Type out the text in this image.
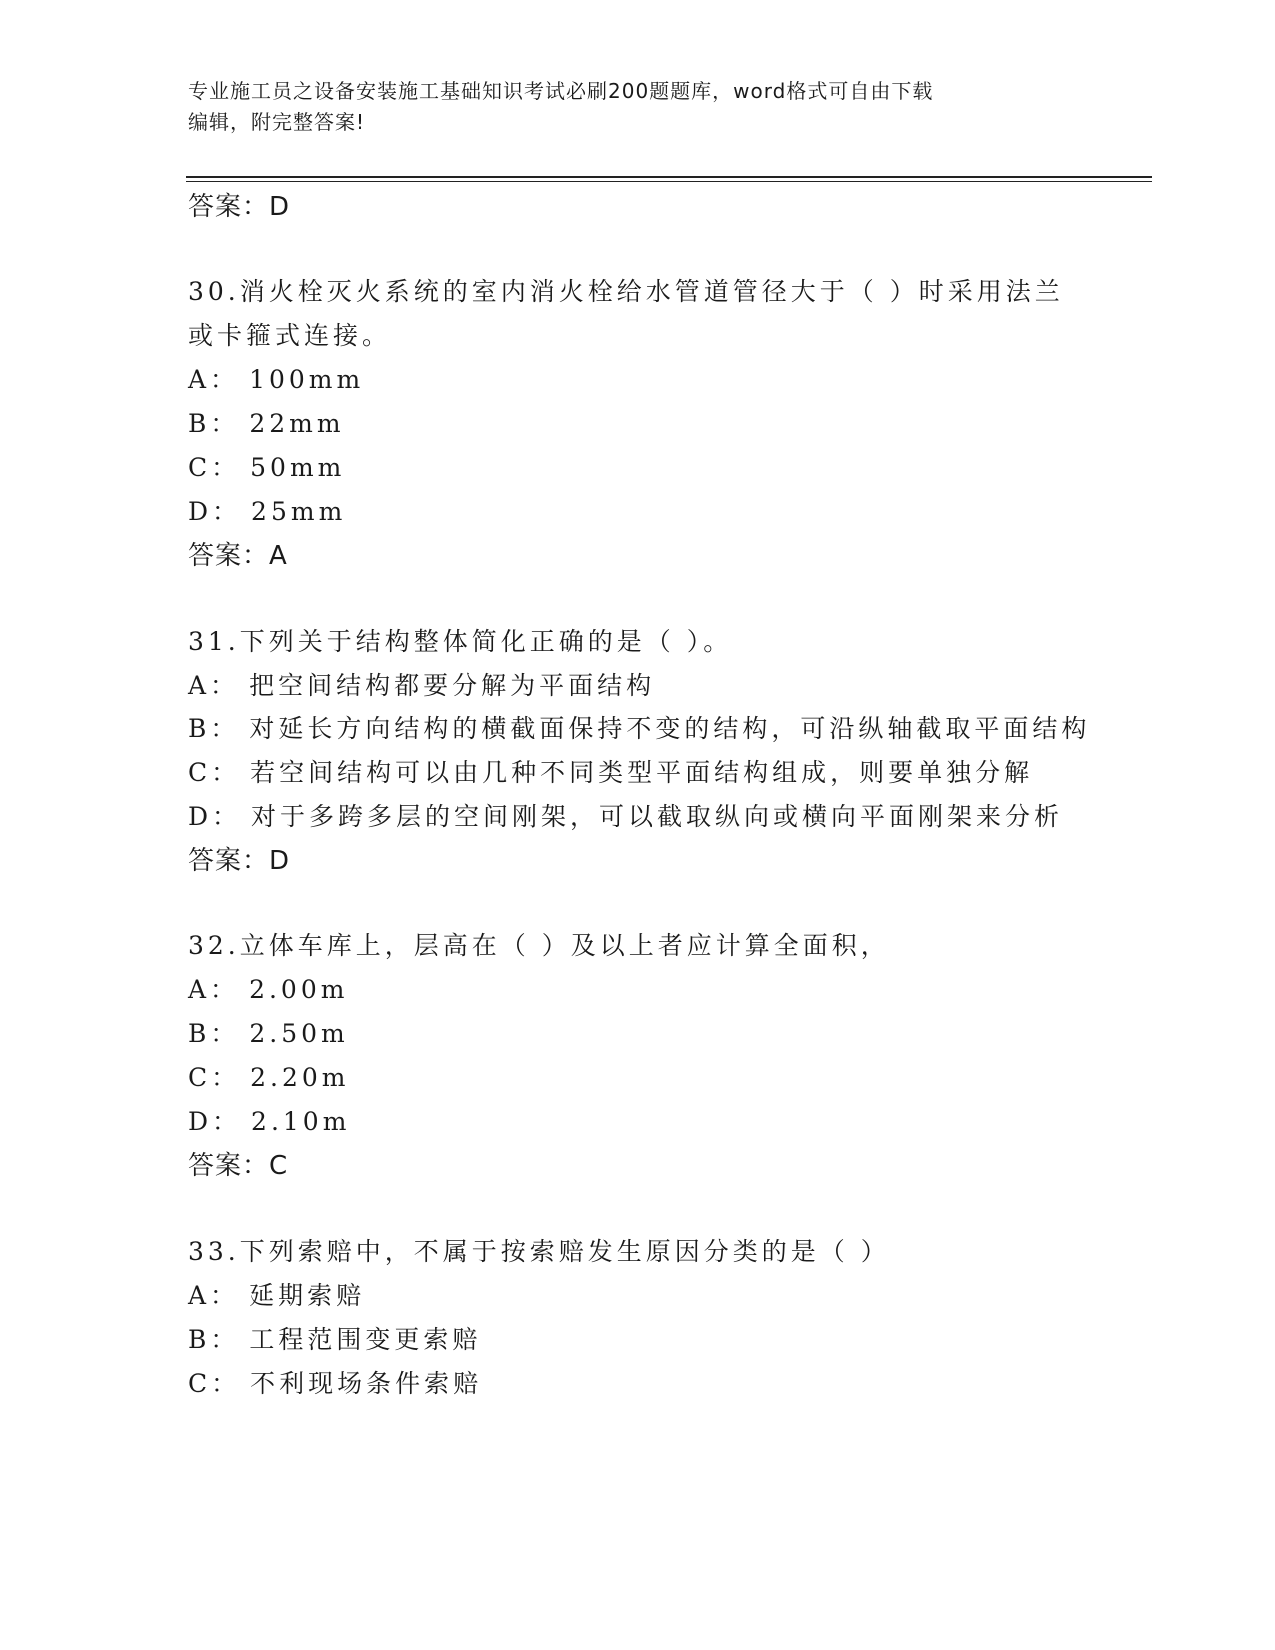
专业施工员之设备安装施工基础知识考试必刷200题题库，word格式可自由下载
编辑，附完整答案!
答案：D
30.消火栓灭火系统的室内消火栓给水管道管径大于（ ）时采用法兰
或卡箍式连接。
A： 100mm
B： 22mm
C： 50mm
D： 25mm
答案：A
31.下列关于结构整体简化正确的是（ ）。
A： 把空间结构都要分解为平面结构
B： 对延长方向结构的横截面保持不变的结构，可沿纵轴截取平面结构
C： 若空间结构可以由几种不同类型平面结构组成，则要单独分解
D： 对于多跨多层的空间刚架，可以截取纵向或横向平面刚架来分析
答案：D
32.立体车库上，层高在（ ）及以上者应计算全面积，
A： 2.00m
B： 2.50m
C： 2.20m
D： 2.10m
答案：C
33.下列索赔中，不属于按索赔发生原因分类的是（ ）
A： 延期索赔
B： 工程范围变更索赔
C： 不利现场条件索赔
